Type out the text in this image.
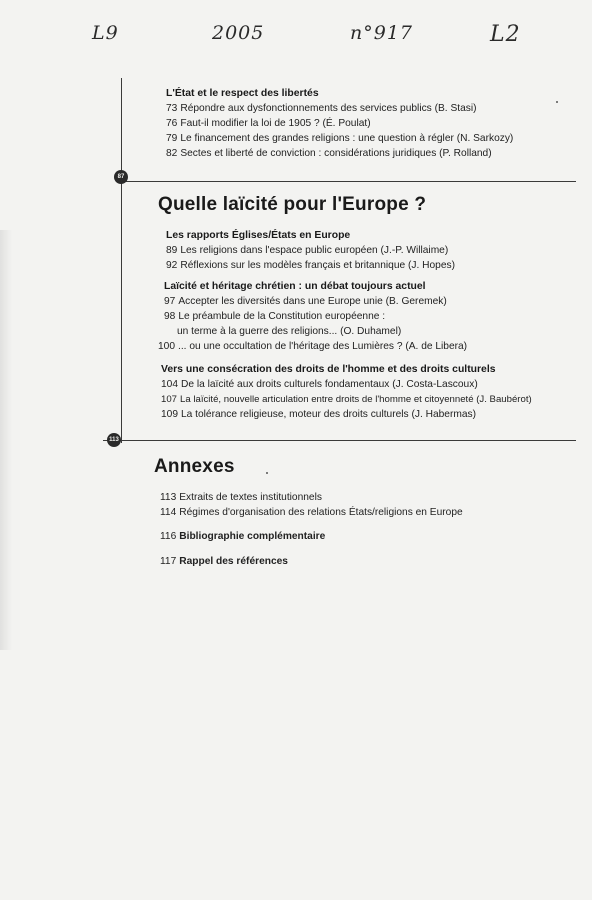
L9	2005	n°917	L2
87
113
L'État et le respect des libertés
73 Répondre aux dysfonctionnements des services publics (B. Stasi)
76 Faut-il modifier la loi de 1905 ? (É. Poulat)
79 Le financement des grandes religions : une question à régler (N. Sarkozy)
82 Sectes et liberté de conviction : considérations juridiques (P. Rolland)
Quelle laïcité pour l'Europe ?
Les rapports Églises/États en Europe
89 Les religions dans l'espace public européen (J.-P. Willaime)
92 Réflexions sur les modèles français et britannique (J. Hopes)
Laïcité et héritage chrétien : un débat toujours actuel
97 Accepter les diversités dans une Europe unie (B. Geremek)
98 Le préambule de la Constitution européenne :
un terme à la guerre des religions... (O. Duhamel)
100 ... ou une occultation de l'héritage des Lumières ? (A. de Libera)
Vers une consécration des droits de l'homme et des droits culturels
104 De la laïcité aux droits culturels fondamentaux (J. Costa-Lascoux)
107 La laïcité, nouvelle articulation entre droits de l'homme et citoyenneté (J. Baubérot)
109 La tolérance religieuse, moteur des droits culturels (J. Habermas)
Annexes
113 Extraits de textes institutionnels
114 Régimes d'organisation des relations États/religions en Europe
116 Bibliographie complémentaire
117 Rappel des références
